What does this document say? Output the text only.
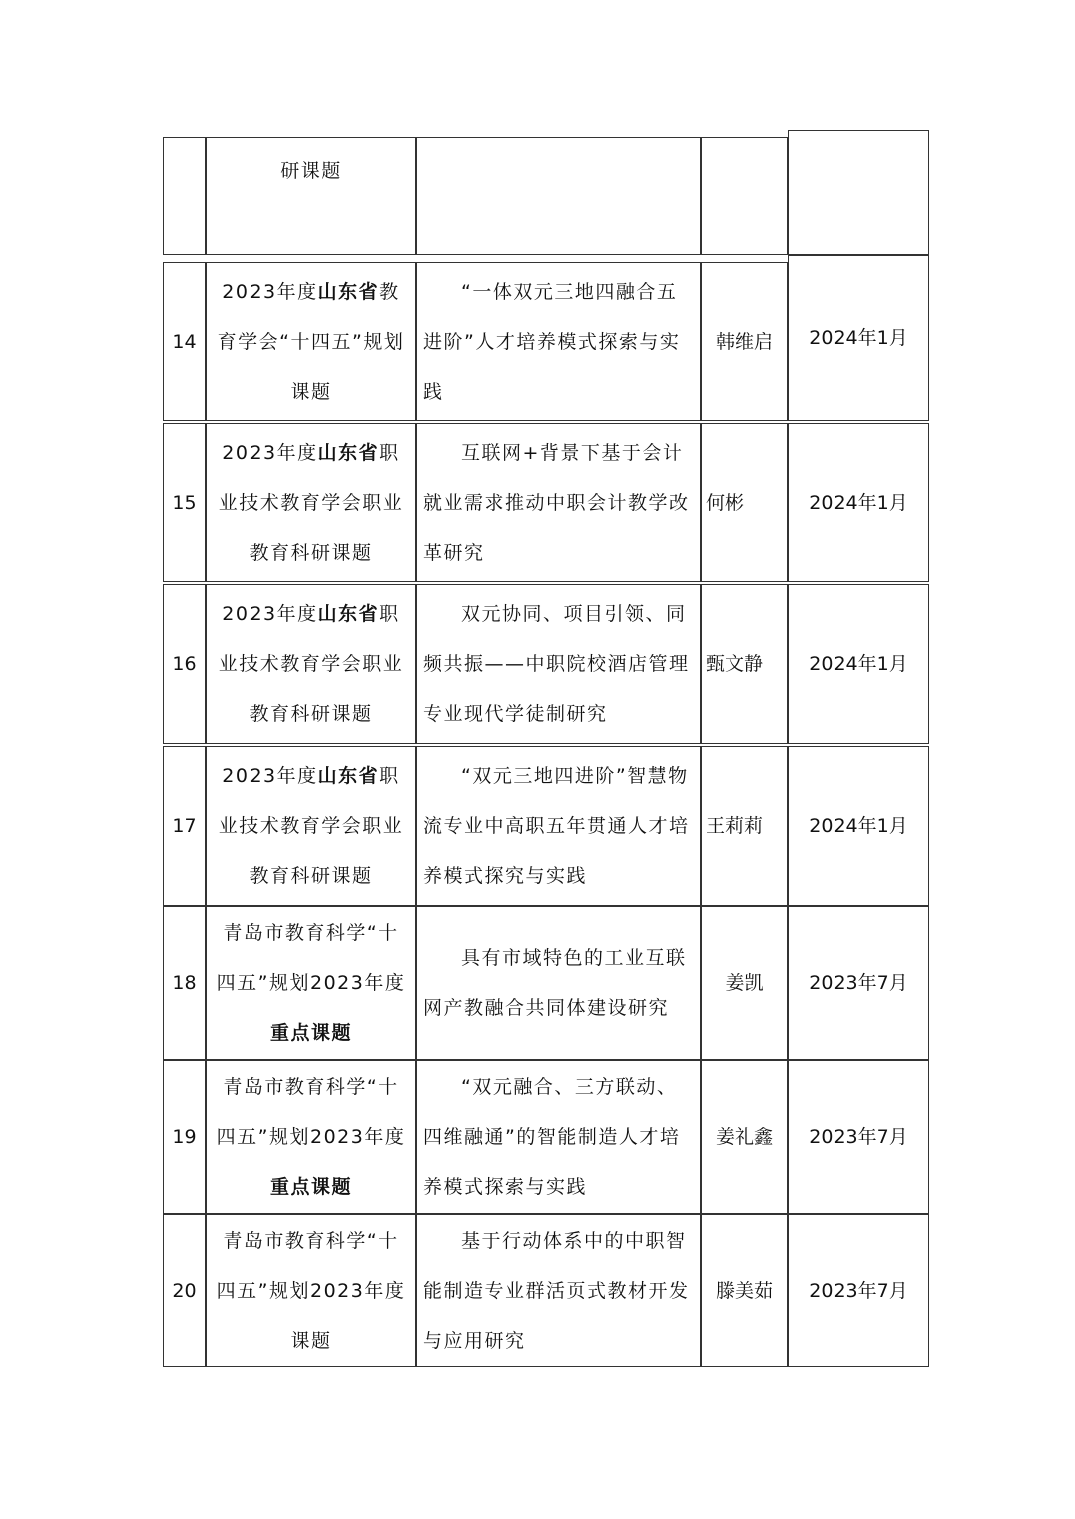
研课题
14
2023年度山东省教育学会“十四五”规划课题
“一体双元三地四融合五进阶”人才培养模式探索与实践
韩维启 2024年1月
15
2023年度山东省职业技术教育学会职业教育科研课题
互联网+背景下基于会计就业需求推动中职会计教学改革研究
何彬	2024年1月
16
2023年度山东省职业技术教育学会职业教育科研课题
双元协同、项目引领、同频共振——中职院校酒店管理专业现代学徒制研究
甄文静 2024年1月
17
2023年度山东省职业技术教育学会职业教育科研课题
“双元三地四进阶”智慧物流专业中高职五年贯通人才培养模式探究与实践
王莉莉 2024年1月
18
青岛市教育科学“十四五”规划2023年度重点课题
具有市域特色的工业互联网产教融合共同体建设研究
姜凯 2023年7月
19
青岛市教育科学“十四五”规划2023年度重点课题
“双元融合、三方联动、四维融通”的智能制造人才培养模式探索与实践
姜礼鑫 2023年7月
20
青岛市教育科学“十四五”规划2023年度课题
基于行动体系中的中职智能制造专业群活页式教材开发与应用研究
滕美茹 2023年7月
